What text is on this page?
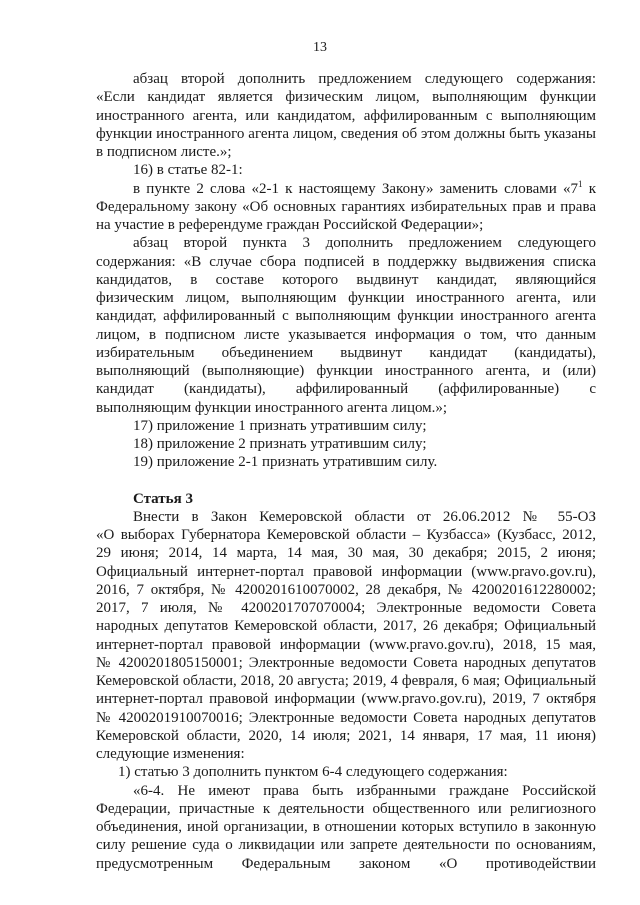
13
абзац второй дополнить предложением следующего содержания:
«Если кандидат является физическим лицом, выполняющим функции
иностранного агента, или кандидатом, аффилированным с выполняющим
функции иностранного агента лицом, сведения об этом должны быть указаны
в подписном листе.»;
16) в статье 82-1:
в пункте 2 слова «2-1 к настоящему Закону» заменить словами «$7^1$ к
Федеральному закону «Об основных гарантиях избирательных прав и права
на участие в референдуме граждан Российской Федерации»;
абзац второй пункта 3 дополнить предложением следующего
содержания: «В случае сбора подписей в поддержку выдвижения списка
кандидатов, в составе которого выдвинут кандидат, являющийся
физическим лицом, выполняющим функции иностранного агента, или
кандидат, аффилированный с выполняющим функции иностранного агента
лицом, в подписном листе указывается информация о том, что данным
избирательным объединением выдвинут кандидат (кандидаты),
выполняющий (выполняющие) функции иностранного агента, и (или)
кандидат (кандидаты), аффилированный (аффилированные) с
выполняющим функции иностранного агента лицом.»;
17) приложение 1 признать утратившим силу;
18) приложение 2 признать утратившим силу;
19) приложение 2-1 признать утратившим силу.
Статья 3
Внести в Закон Кемеровской области от 26.06.2012 № 55-ОЗ
«О выборах Губернатора Кемеровской области – Кузбасса» (Кузбасс, 2012,
29 июня; 2014, 14 марта, 14 мая, 30 мая, 30 декабря; 2015, 2 июня;
Официальный интернет-портал правовой информации (www.pravo.gov.ru),
2016, 7 октября, № 4200201610070002, 28 декабря, № 4200201612280002;
2017, 7 июля, № 4200201707070004; Электронные ведомости Совета
народных депутатов Кемеровской области, 2017, 26 декабря; Официальный
интернет-портал правовой информации (www.pravo.gov.ru), 2018, 15 мая,
№ 4200201805150001; Электронные ведомости Совета народных депутатов
Кемеровской области, 2018, 20 августа; 2019, 4 февраля, 6 мая; Официальный
интернет-портал правовой информации (www.pravo.gov.ru), 2019, 7 октября
№ 4200201910070016; Электронные ведомости Совета народных депутатов
Кемеровской области, 2020, 14 июля; 2021, 14 января, 17 мая, 11 июня)
следующие изменения:
1) статью 3 дополнить пунктом 6-4 следующего содержания:
«6-4. Не имеют права быть избранными граждане Российской
Федерации, причастные к деятельности общественного или религиозного
объединения, иной организации, в отношении которых вступило в законную
силу решение суда о ликвидации или запрете деятельности по основаниям,
предусмотренным Федеральным законом «О противодействии
